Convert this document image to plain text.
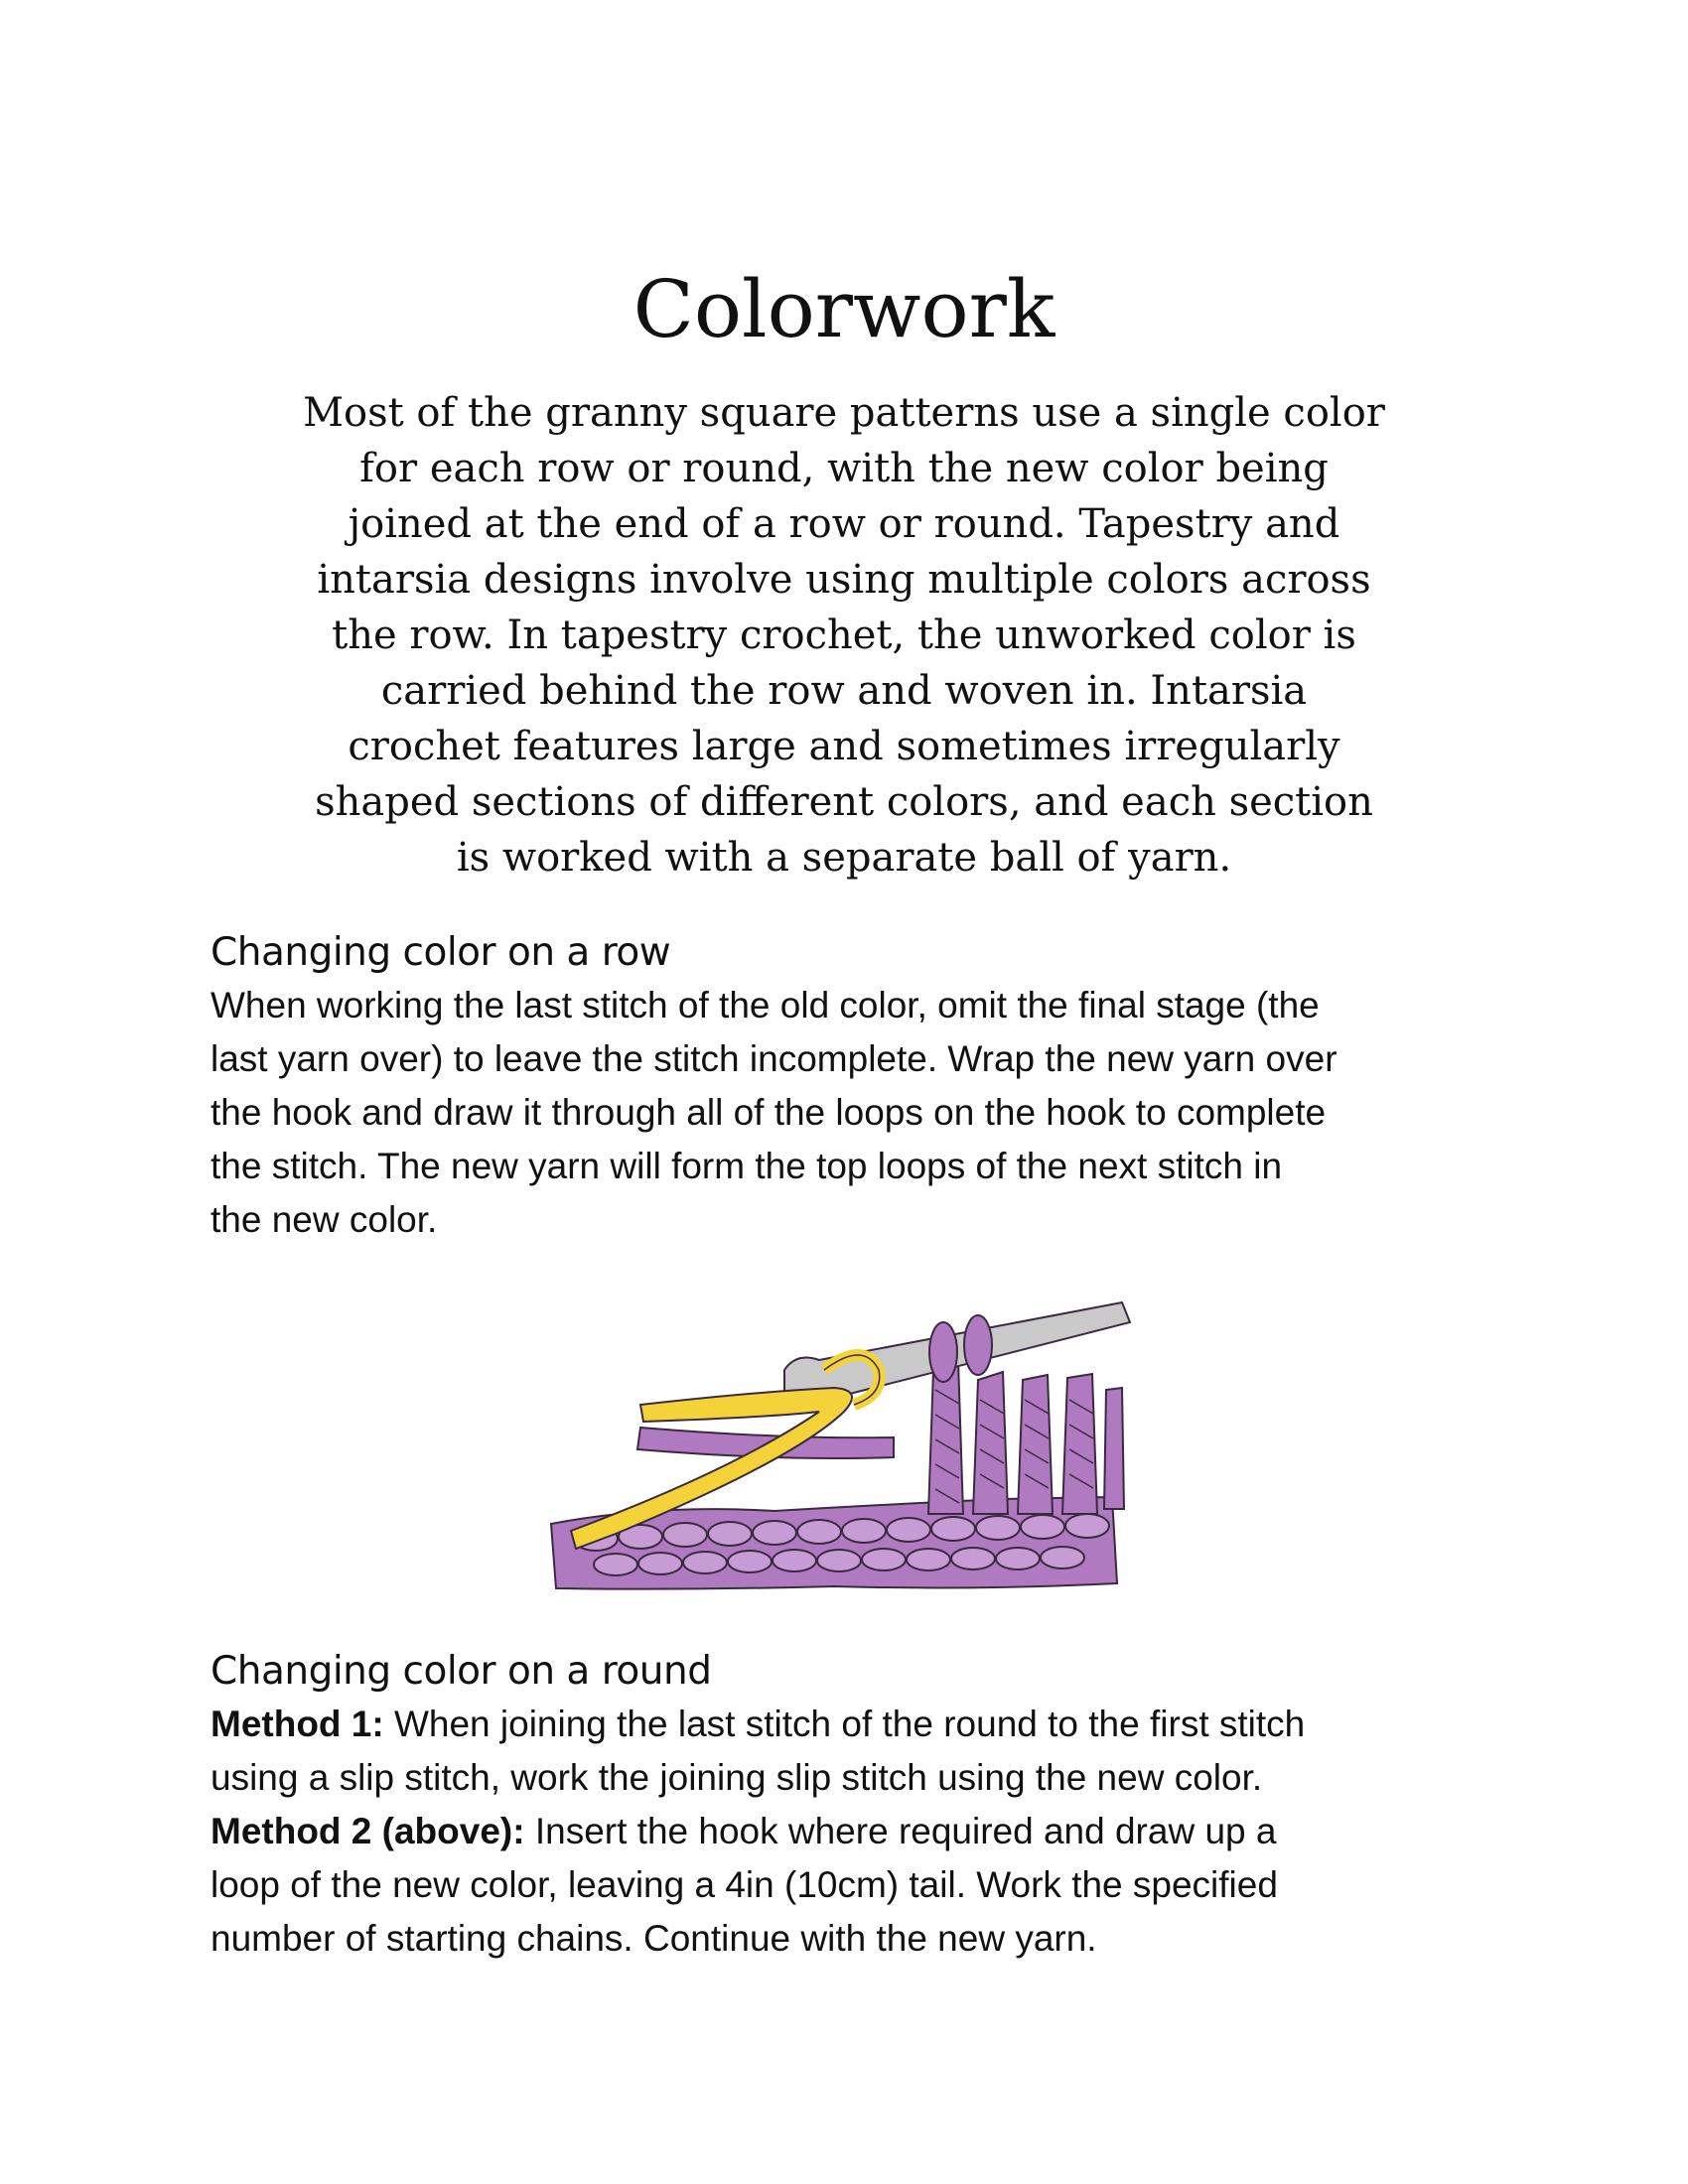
Colorwork
Most of the granny square patterns use a single color
for each row or round, with the new color being
joined at the end of a row or round. Tapestry and
intarsia designs involve using multiple colors across
the row. In tapestry crochet, the unworked color is
carried behind the row and woven in. Intarsia
crochet features large and sometimes irregularly
shaped sections of different colors, and each section
is worked with a separate ball of yarn.
Changing color on a row
When working the last stitch of the old color, omit the final stage (the
last yarn over) to leave the stitch incomplete. Wrap the new yarn over
the hook and draw it through all of the loops on the hook to complete
the stitch. The new yarn will form the top loops of the next stitch in
the new color.
Changing color on a round
Method 1: When joining the last stitch of the round to the first stitch
using a slip stitch, work the joining slip stitch using the new color.
Method 2 (above): Insert the hook where required and draw up a
loop of the new color, leaving a 4in (10cm) tail. Work the specified
number of starting chains. Continue with the new yarn.
